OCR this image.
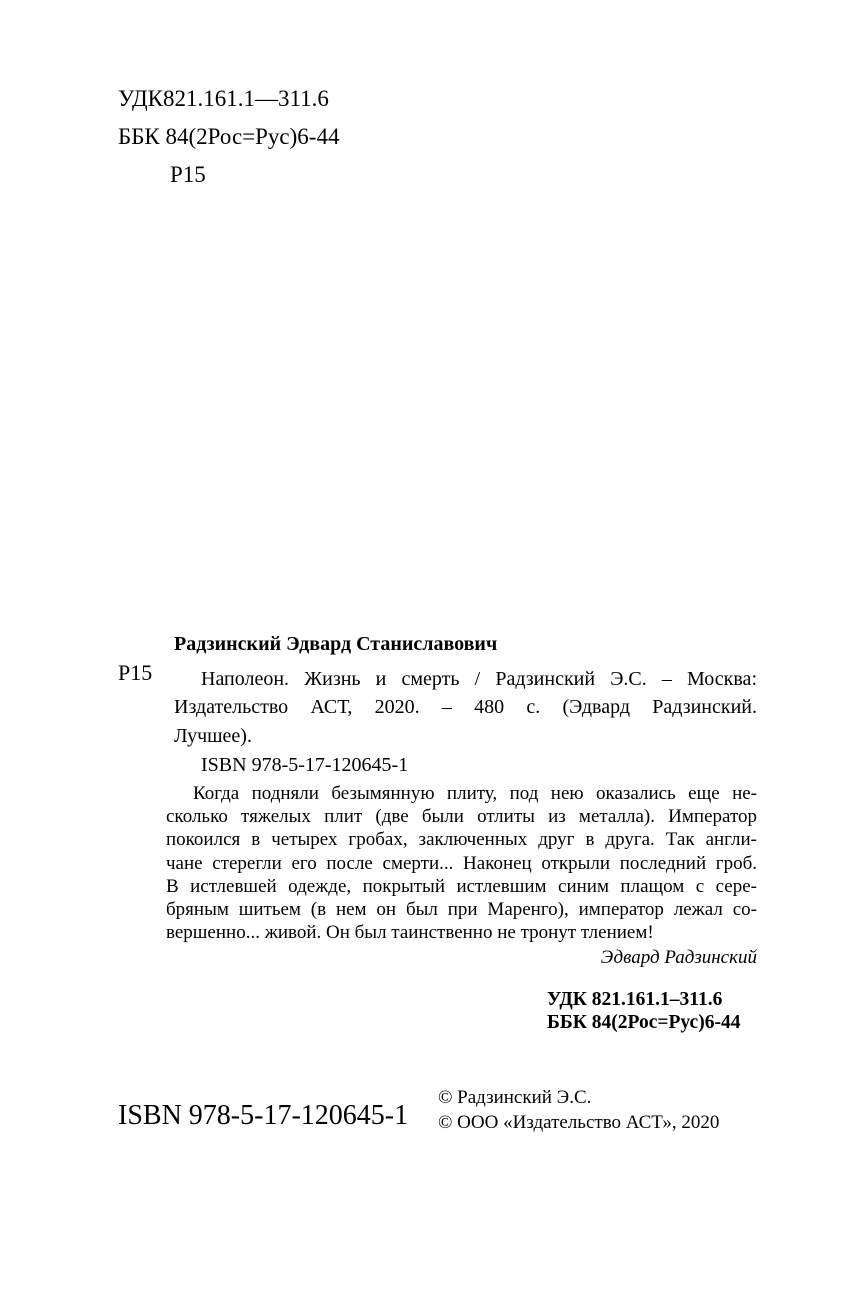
УДК821.161.1—311.6
ББК 84(2Рос=Рус)6-44
Р15
Р15
Радзинский Эдвард Станиславович
Наполеон. Жизнь и смерть / Радзинский Э.С. – Москва:
Издательство АСТ, 2020. – 480 с. (Эдвард Радзинский.
Лучшее).
ISBN 978-5-17-120645-1
Когда подняли безымянную плиту, под нею оказались еще не-
сколько тяжелых плит (две были отлиты из металла). Император
покоился в четырех гробах, заключенных друг в друга. Так англи-
чане стерегли его после смерти... Наконец открыли последний гроб.
В истлевшей одежде, покрытый истлевшим синим плащом с сере-
бряным шитьем (в нем он был при Маренго), император лежал со-
вершенно... живой. Он был таинственно не тронут тлением!
Эдвард Радзинский
УДК 821.161.1–311.6
ББК 84(2Рос=Рус)6-44
ISBN 978-5-17-120645-1
© Радзинский Э.С.
© ООО «Издательство АСТ», 2020
